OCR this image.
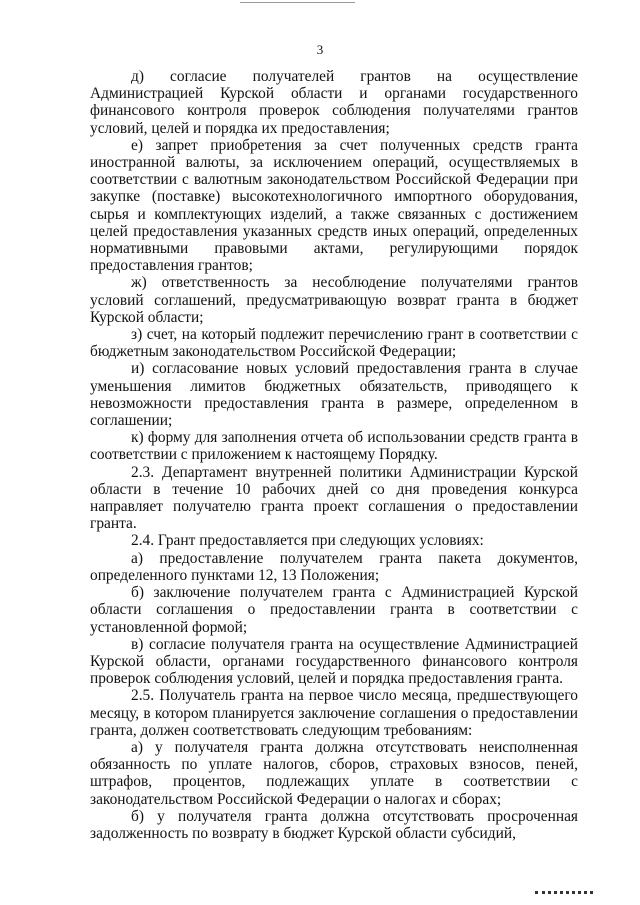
3

д) согласие получателей грантов на осуществление Администрацией Курской области и органами государственного финансового контроля проверок соблюдения получателями грантов условий, целей и порядка их предоставления;

е) запрет приобретения за счет полученных средств гранта иностранной валюты, за исключением операций, осуществляемых в соответствии с валютным законодательством Российской Федерации при закупке (поставке) высокотехнологичного импортного оборудования, сырья и комплектующих изделий, а также связанных с достижением целей предоставления указанных средств иных операций, определенных нормативными правовыми актами, регулирующими порядок предоставления грантов;

ж) ответственность за несоблюдение получателями грантов условий соглашений, предусматривающую возврат гранта в бюджет Курской области;

з) счет, на который подлежит перечислению грант в соответствии с бюджетным законодательством Российской Федерации;

и) согласование новых условий предоставления гранта в случае уменьшения лимитов бюджетных обязательств, приводящего к невозможности предоставления гранта в размере, определенном в соглашении;

к) форму для заполнения отчета об использовании средств гранта в соответствии с приложением к настоящему Порядку.

2.3. Департамент внутренней политики Администрации Курской области в течение 10 рабочих дней со дня проведения конкурса направляет получателю гранта проект соглашения о предоставлении гранта.

2.4. Грант предоставляется при следующих условиях:

а) предоставление получателем гранта пакета документов, определенного пунктами 12, 13 Положения;

б) заключение получателем гранта с Администрацией Курской области соглашения о предоставлении гранта в соответствии с установленной формой;

в) согласие получателя гранта на осуществление Администрацией Курской области, органами государственного финансового контроля проверок соблюдения условий, целей и порядка предоставления гранта.

2.5. Получатель гранта на первое число месяца, предшествующего месяцу, в котором планируется заключение соглашения о предоставлении гранта, должен соответствовать следующим требованиям:

а) у получателя гранта должна отсутствовать неисполненная обязанность по уплате налогов, сборов, страховых взносов, пеней, штрафов, процентов, подлежащих уплате в соответствии с законодательством Российской Федерации о налогах и сборах;

б) у получателя гранта должна отсутствовать просроченная задолженность по возврату в бюджет Курской области субсидий,
